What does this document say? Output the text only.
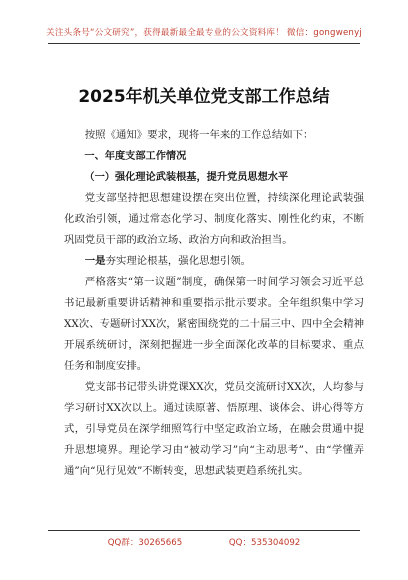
关注头条号“公文研究”，获得最新最全最专业的公文资料库！ 微信：gongwenyj
2025年机关单位党支部工作总结

按照《通知》要求，现将一年来的工作总结如下：

一、年度支部工作情况

（一）强化理论武装根基，提升党员思想水平

党支部坚持把思想建设摆在突出位置，持续深化理论武装强化政治引领，通过常态化学习、制度化落实、刚性化约束，不断巩固党员干部的政治立场、政治方向和政治担当。

一是夯实理论根基，强化思想引领。

严格落实“第一议题”制度，确保第一时间学习领会习近平总书记最新重要讲话精神和重要指示批示要求。全年组织集中学习XX次、专题研讨XX次，紧密围绕党的二十届三中、四中全会精神开展系统研讨，深刻把握进一步全面深化改革的目标要求、重点任务和制度安排。

党支部书记带头讲党课XX次，党员交流研讨XX次，人均参与学习研讨XX次以上。通过读原著、悟原理、谈体会、讲心得等方式，引导党员在深学细照笃行中坚定政治立场，在融会贯通中提升思想境界。理论学习由“被动学习”向“主动思考”、由“学懂弄通”向“见行见效”不断转变，思想武装更趋系统扎实。

QQ群：30265665	QQ：535304092
